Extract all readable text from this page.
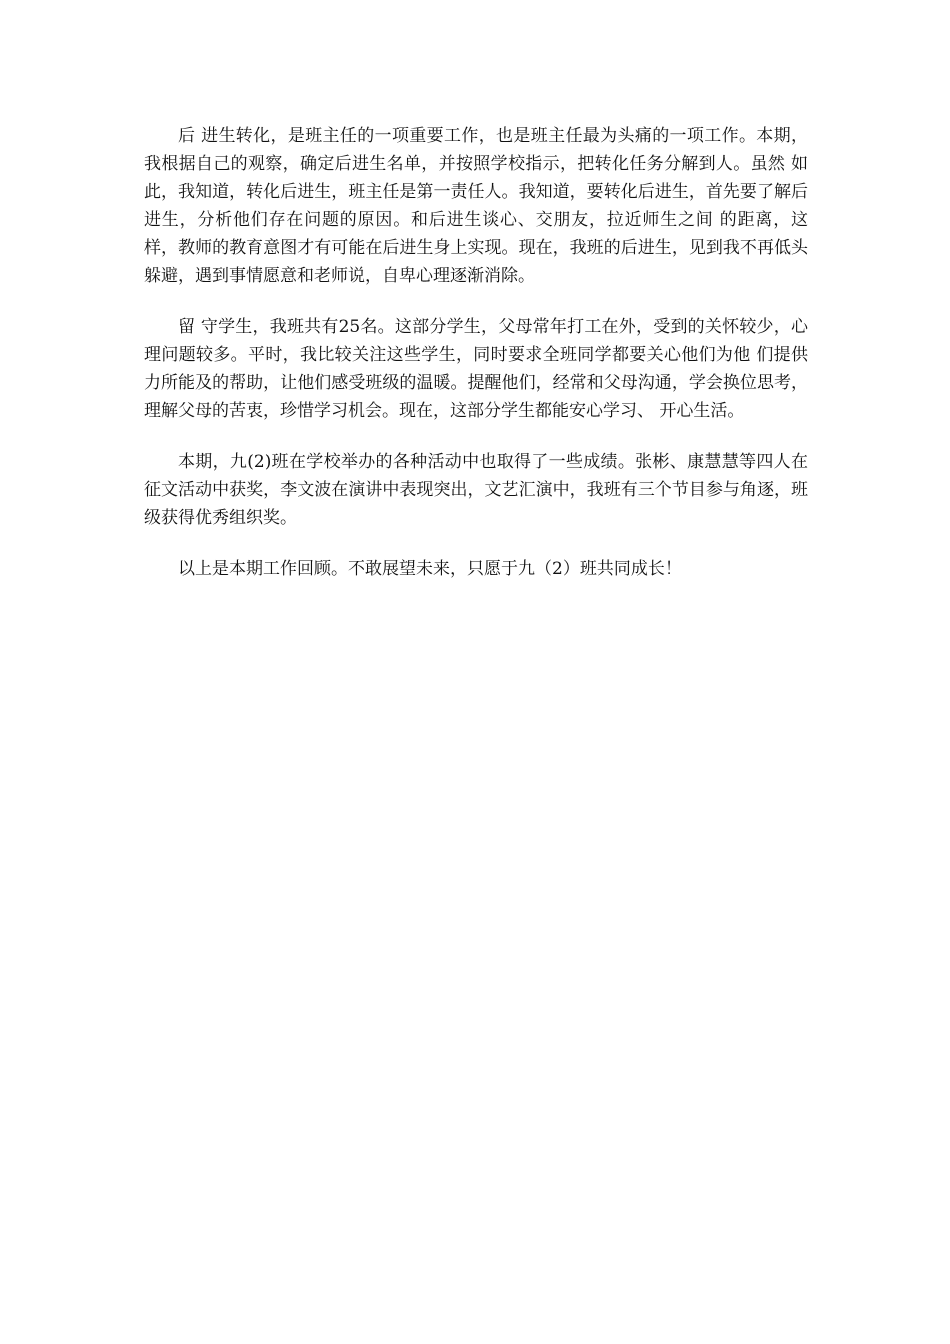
后 进生转化，是班主任的一项重要工作，也是班主任最为头痛的一项工作。本期，我根据自己的观察，确定后进生名单，并按照学校指示，把转化任务分解到人。虽然 如此，我知道，转化后进生，班主任是第一责任人。我知道，要转化后进生，首先要了解后进生，分析他们存在问题的原因。和后进生谈心、交朋友，拉近师生之间 的距离，这样，教师的教育意图才有可能在后进生身上实现。现在，我班的后进生，见到我不再低头躲避，遇到事情愿意和老师说，自卑心理逐渐消除。

留 守学生，我班共有25名。这部分学生，父母常年打工在外，受到的关怀较少，心理问题较多。平时，我比较关注这些学生，同时要求全班同学都要关心他们为他 们提供力所能及的帮助，让他们感受班级的温暖。提醒他们，经常和父母沟通，学会换位思考，理解父母的苦衷，珍惜学习机会。现在，这部分学生都能安心学习、 开心生活。

本期，九(2)班在学校举办的各种活动中也取得了一些成绩。张彬、康慧慧等四人在征文活动中获奖，李文波在演讲中表现突出，文艺汇演中，我班有三个节目参与角逐，班级获得优秀组织奖。

以上是本期工作回顾。不敢展望未来，只愿于九（2）班共同成长！
